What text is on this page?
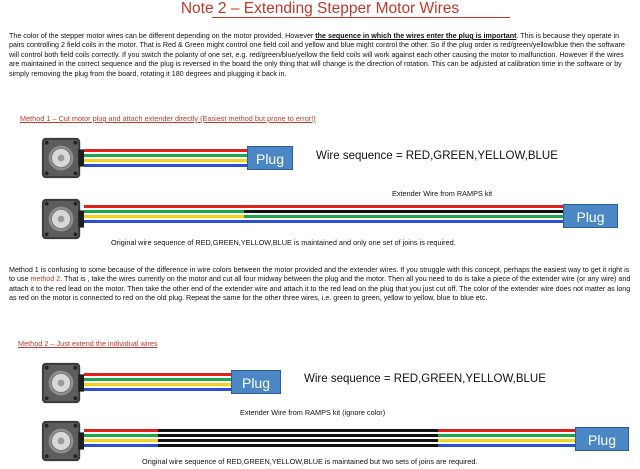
Note 2 – Extending Stepper Motor Wires

The color of the stepper motor wires can be different depending on the motor provided. However the sequence in which the wires enter the plug is important. This is because they operate in pairs controlling 2 field coils in the motor. That is Red & Green might control one field coil and yellow and blue might control the other. So if the plug order is red/green/yellow/blue then the software will control both field coils correctly. If you switch the polarity of one set, e.g. red/green/blue/yellow the field coils will work against each other causing the motor to malfunction. However if the wires are maintained in the correct sequence and the plug is reversed in the board the only thing that will change is the direction of rotation. This can be adjusted at calibration time in the software or by simply removing the plug from the board, rotating it 180 degrees and plugging it back in.

Method 1 – Cut motor plug and attach extender directly (Easiest method but prone to error!)
Plug	Wire sequence = RED,GREEN,YELLOW,BLUE
Extender Wire from RAMPS kit
Plug
Original wire sequence of RED,GREEN,YELLOW,BLUE is maintained and only one set of joins is required.

Method 1 is confusing to some because of the difference in wire colors between the motor provided and the extender wires. If you struggle with this concept, perhaps the easiest way to get it right is to use method 2. That is , take the wires currently on the motor and cut all four midway between the plug and the motor. Then all you need to do is take a piece of the extender wire (or any wire) and attach it to the red lead on the motor. Then take the other end of the extender wire and attach it to the red lead on the plug that you just cut off. The color of the extender wire does not matter as long as red on the motor is connected to red on the old plug. Repeat the same for the other three wires, i.e. green to green, yellow to yellow, blue to blue etc.

Method 2 – Just extend the individual wires
Plug	Wire sequence = RED,GREEN,YELLOW,BLUE
Extender Wire from RAMPS kit (ignore color)
Plug
Original wire sequence of RED,GREEN,YELLOW,BLUE is maintained but two sets of joins are required.
